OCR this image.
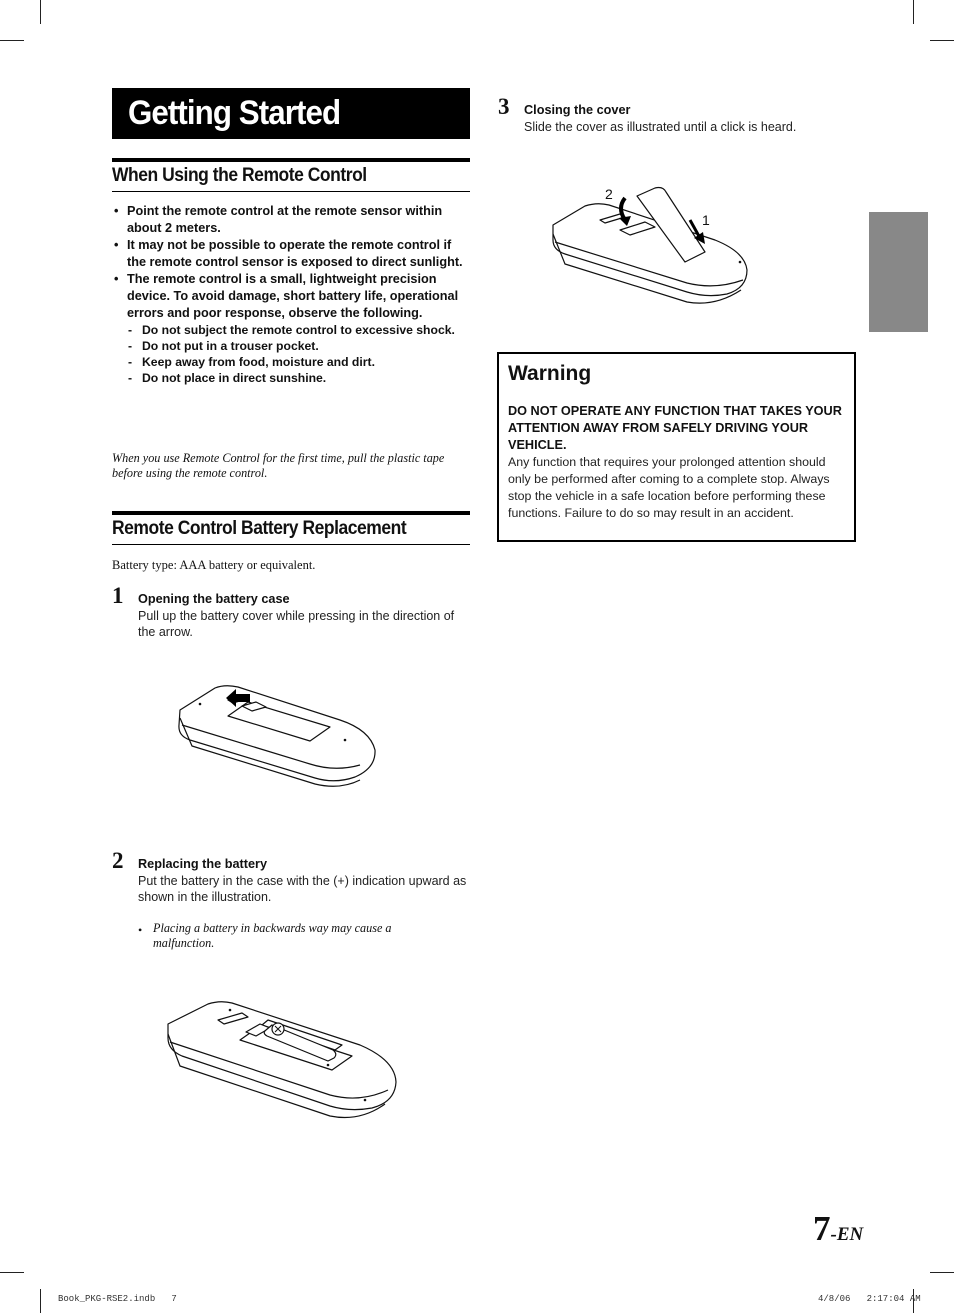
Getting Started
When Using the Remote Control
• Point the remote control at the remote sensor within about 2 meters.
• It may not be possible to operate the remote control if the remote control sensor is exposed to direct sunlight.
• The remote control is a small, lightweight precision device. To avoid damage, short battery life, operational errors and poor response, observe the following.
- Do not subject the remote control to excessive shock.
- Do not put in a trouser pocket.
- Keep away from food, moisture and dirt.
- Do not place in direct sunshine.
When you use Remote Control for the first time, pull the plastic tape before using the remote control.
Remote Control Battery Replacement
Battery type: AAA battery or equivalent.
1 Opening the battery case
Pull up the battery cover while pressing in the direction of the arrow.
2 Replacing the battery
Put the battery in the case with the (+) indication upward as shown in the illustration.
• Placing a battery in backwards way may cause a malfunction.
3 Closing the cover
Slide the cover as illustrated until a click is heard.
2
1
Warning
DO NOT OPERATE ANY FUNCTION THAT TAKES YOUR ATTENTION AWAY FROM SAFELY DRIVING YOUR VEHICLE.
Any function that requires your prolonged attention should only be performed after coming to a complete stop. Always stop the vehicle in a safe location before performing these functions. Failure to do so may result in an accident.
7-EN
Book_PKG-RSE2.indb   7	4/8/06   2:17:04 AM
